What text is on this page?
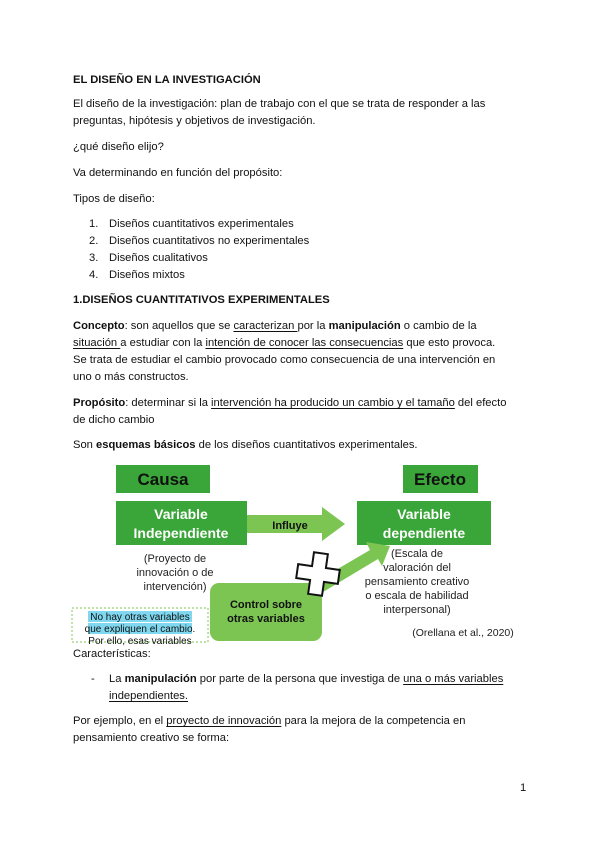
EL DISEÑO EN LA INVESTIGACIÓN
El diseño de la investigación: plan de trabajo con el que se trata de responder a las
preguntas, hipótesis y objetivos de investigación.
¿qué diseño elijo?
Va determinando en función del propósito:
Tipos de diseño:
1. Diseños cuantitativos experimentales
2. Diseños cuantitativos no experimentales
3. Diseños cualitativos
4. Diseños mixtos
1.DISEÑOS CUANTITATIVOS EXPERIMENTALES
Concepto: son aquellos que se caracterizan por la manipulación o cambio de la
situación a estudiar con la intención de conocer las consecuencias que esto provoca.
Se trata de estudiar el cambio provocado como consecuencia de una intervención en
uno o más constructos.
Propósito: determinar si la intervención ha producido un cambio y el tamaño del efecto
de dicho cambio
Son esquemas básicos de los diseños cuantitativos experimentales.
Causa	Efecto
Variable
Independiente	Influye
Variable
dependiente
(Proyecto de
innovación o de
intervención)
Control sobre
otras variables
(Escala de
valoración del
pensamiento creativo
o escala de habilidad
interpersonal)
No hay otras variables
que expliquen el cambio.
Por ello, esas variables
(Orellana et al., 2020)
Características:
- La manipulación por parte de la persona que investiga de una o más variables
independientes.
Por ejemplo, en el proyecto de innovación para la mejora de la competencia en
pensamiento creativo se forma:
1
